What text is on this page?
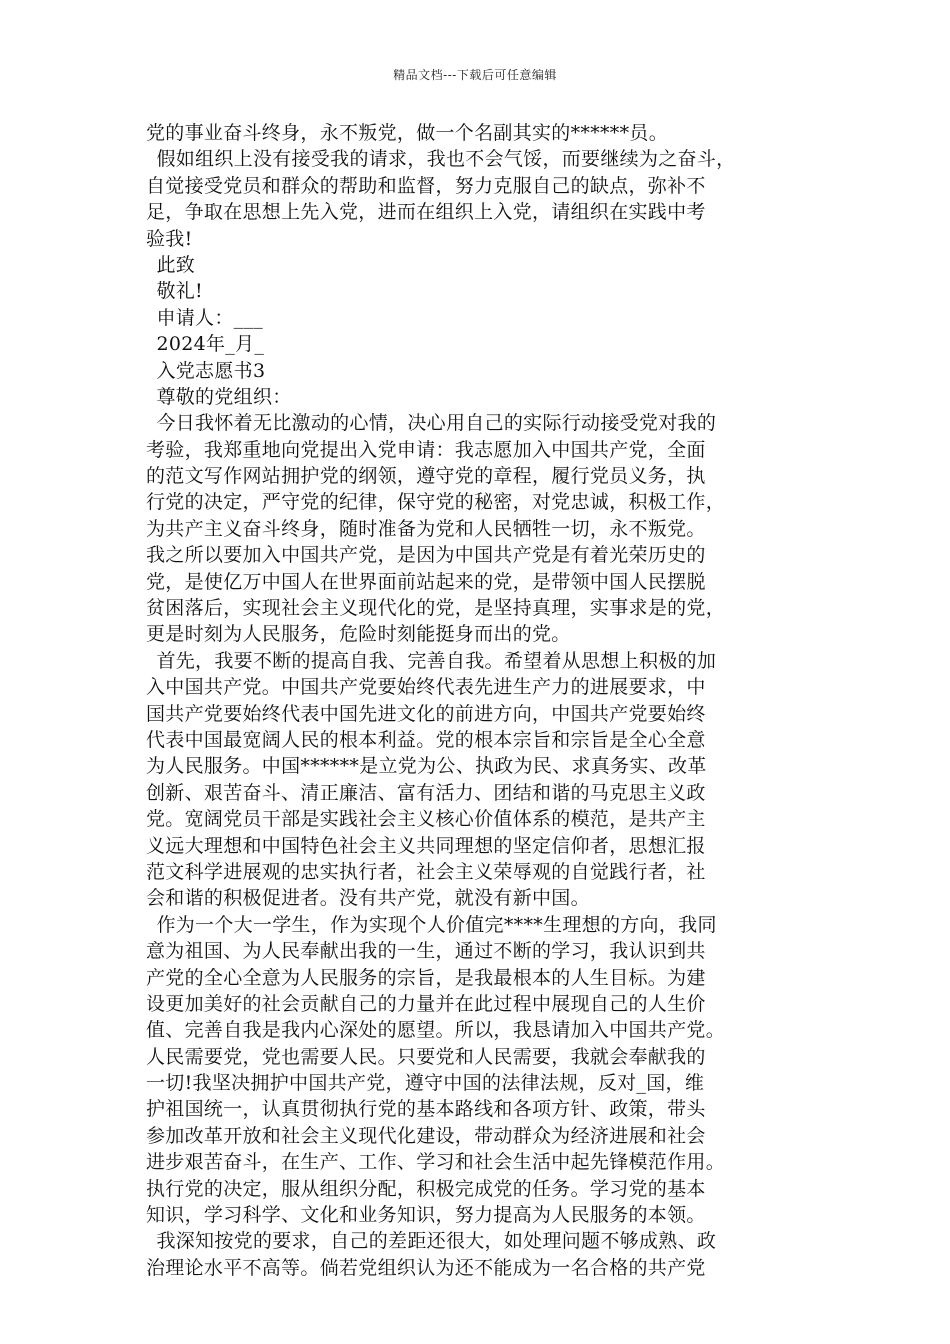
精品文档---下载后可任意编辑
党的事业奋斗终身，永不叛党，做一个名副其实的******员。
假如组织上没有接受我的请求，我也不会气馁，而要继续为之奋斗，
自觉接受党员和群众的帮助和监督，努力克服自己的缺点，弥补不
足，争取在思想上先入党，进而在组织上入党，请组织在实践中考
验我!
此致
敬礼!
申请人：___
2024年_月_
入党志愿书3
尊敬的党组织：
今日我怀着无比激动的心情，决心用自己的实际行动接受党对我的
考验，我郑重地向党提出入党申请：我志愿加入中国共产党，全面
的范文写作网站拥护党的纲领，遵守党的章程，履行党员义务，执
行党的决定，严守党的纪律，保守党的秘密，对党忠诚，积极工作，
为共产主义奋斗终身，随时准备为党和人民牺牲一切，永不叛党。
我之所以要加入中国共产党，是因为中国共产党是有着光荣历史的
党，是使亿万中国人在世界面前站起来的党，是带领中国人民摆脱
贫困落后，实现社会主义现代化的党，是坚持真理，实事求是的党，
更是时刻为人民服务，危险时刻能挺身而出的党。
首先，我要不断的提高自我、完善自我。希望着从思想上积极的加
入中国共产党。中国共产党要始终代表先进生产力的进展要求，中
国共产党要始终代表中国先进文化的前进方向，中国共产党要始终
代表中国最宽阔人民的根本利益。党的根本宗旨和宗旨是全心全意
为人民服务。中国******是立党为公、执政为民、求真务实、改革
创新、艰苦奋斗、清正廉洁、富有活力、团结和谐的马克思主义政
党。宽阔党员干部是实践社会主义核心价值体系的模范，是共产主
义远大理想和中国特色社会主义共同理想的坚定信仰者，思想汇报
范文科学进展观的忠实执行者，社会主义荣辱观的自觉践行者，社
会和谐的积极促进者。没有共产党，就没有新中国。
作为一个大一学生，作为实现个人价值完****生理想的方向，我同
意为祖国、为人民奉献出我的一生，通过不断的学习，我认识到共
产党的全心全意为人民服务的宗旨，是我最根本的人生目标。为建
设更加美好的社会贡献自己的力量并在此过程中展现自己的人生价
值、完善自我是我内心深处的愿望。所以，我恳请加入中国共产党。
人民需要党，党也需要人民。只要党和人民需要，我就会奉献我的
一切!我坚决拥护中国共产党，遵守中国的法律法规，反对_国，维
护祖国统一，认真贯彻执行党的基本路线和各项方针、政策，带头
参加改革开放和社会主义现代化建设，带动群众为经济进展和社会
进步艰苦奋斗，在生产、工作、学习和社会生活中起先锋模范作用。
执行党的决定，服从组织分配，积极完成党的任务。学习党的基本
知识，学习科学、文化和业务知识，努力提高为人民服务的本领。
我深知按党的要求，自己的差距还很大，如处理问题不够成熟、政
治理论水平不高等。倘若党组织认为还不能成为一名合格的共产党
